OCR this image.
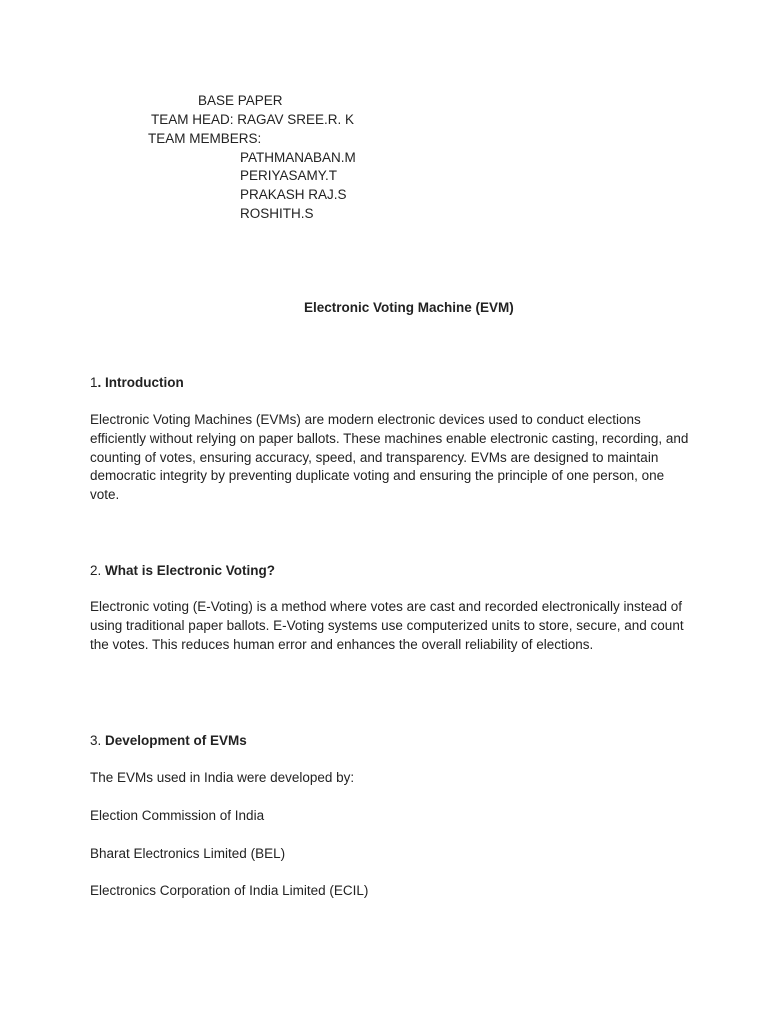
BASE PAPER
TEAM HEAD: RAGAV SREE.R. K
TEAM MEMBERS:
PATHMANABAN.M
PERIYASAMY.T
PRAKASH RAJ.S
ROSHITH.S
Electronic Voting Machine (EVM)
1. Introduction
Electronic Voting Machines (EVMs) are modern electronic devices used to conduct elections efficiently without relying on paper ballots. These machines enable electronic casting, recording, and counting of votes, ensuring accuracy, speed, and transparency. EVMs are designed to maintain democratic integrity by preventing duplicate voting and ensuring the principle of one person, one vote.
2. What is Electronic Voting?
Electronic voting (E-Voting) is a method where votes are cast and recorded electronically instead of using traditional paper ballots. E-Voting systems use computerized units to store, secure, and count the votes. This reduces human error and enhances the overall reliability of elections.
3. Development of EVMs
The EVMs used in India were developed by:
Election Commission of India
Bharat Electronics Limited (BEL)
Electronics Corporation of India Limited (ECIL)
